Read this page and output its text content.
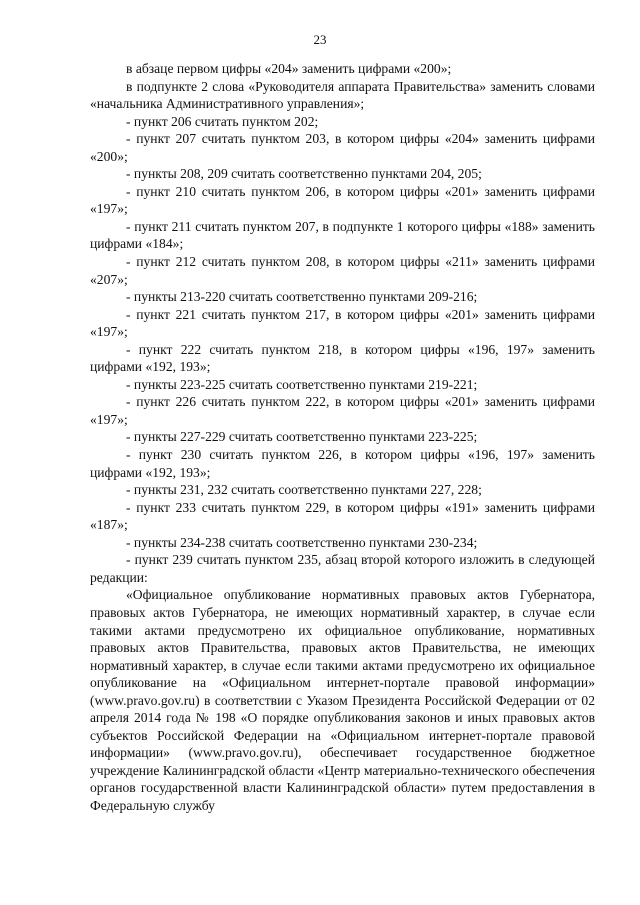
23

в абзаце первом цифры «204» заменить цифрами «200»;

в подпункте 2 слова «Руководителя аппарата Правительства» заменить словами «начальника Административного управления»;

- пункт 206 считать пунктом 202;

- пункт 207 считать пунктом 203, в котором цифры «204» заменить цифрами «200»;

- пункты 208, 209 считать соответственно пунктами 204, 205;

- пункт 210 считать пунктом 206, в котором цифры «201» заменить цифрами «197»;

- пункт 211 считать пунктом 207, в подпункте 1 которого цифры «188» заменить цифрами «184»;

- пункт 212 считать пунктом 208, в котором цифры «211» заменить цифрами «207»;

- пункты 213-220 считать соответственно пунктами 209-216;

- пункт 221 считать пунктом 217, в котором цифры «201» заменить цифрами «197»;

- пункт 222 считать пунктом 218, в котором цифры «196, 197» заменить цифрами «192, 193»;

- пункты 223-225 считать соответственно пунктами 219-221;

- пункт 226 считать пунктом 222, в котором цифры «201» заменить цифрами «197»;

- пункты 227-229 считать соответственно пунктами 223-225;

- пункт 230 считать пунктом 226, в котором цифры «196, 197» заменить цифрами «192, 193»;

- пункты 231, 232 считать соответственно пунктами 227, 228;

- пункт 233 считать пунктом 229, в котором цифры «191» заменить цифрами «187»;

- пункты 234-238 считать соответственно пунктами 230-234;

- пункт 239 считать пунктом 235, абзац второй которого изложить в следующей редакции:

«Официальное опубликование нормативных правовых актов Губернатора, правовых актов Губернатора, не имеющих нормативный характер, в случае если такими актами предусмотрено их официальное опубликование, нормативных правовых актов Правительства, правовых актов Правительства, не имеющих нормативный характер, в случае если такими актами предусмотрено их официальное опубликование на «Официальном интернет-портале правовой информации» (www.pravo.gov.ru) в соответствии с Указом Президента Российской Федерации от 02 апреля 2014 года № 198 «О порядке опубликования законов и иных правовых актов субъектов Российской Федерации на «Официальном интернет-портале правовой информации» (www.pravo.gov.ru), обеспечивает государственное бюджетное учреждение Калининградской области «Центр материально-технического обеспечения органов государственной власти Калининградской области» путем предоставления в Федеральную службу
